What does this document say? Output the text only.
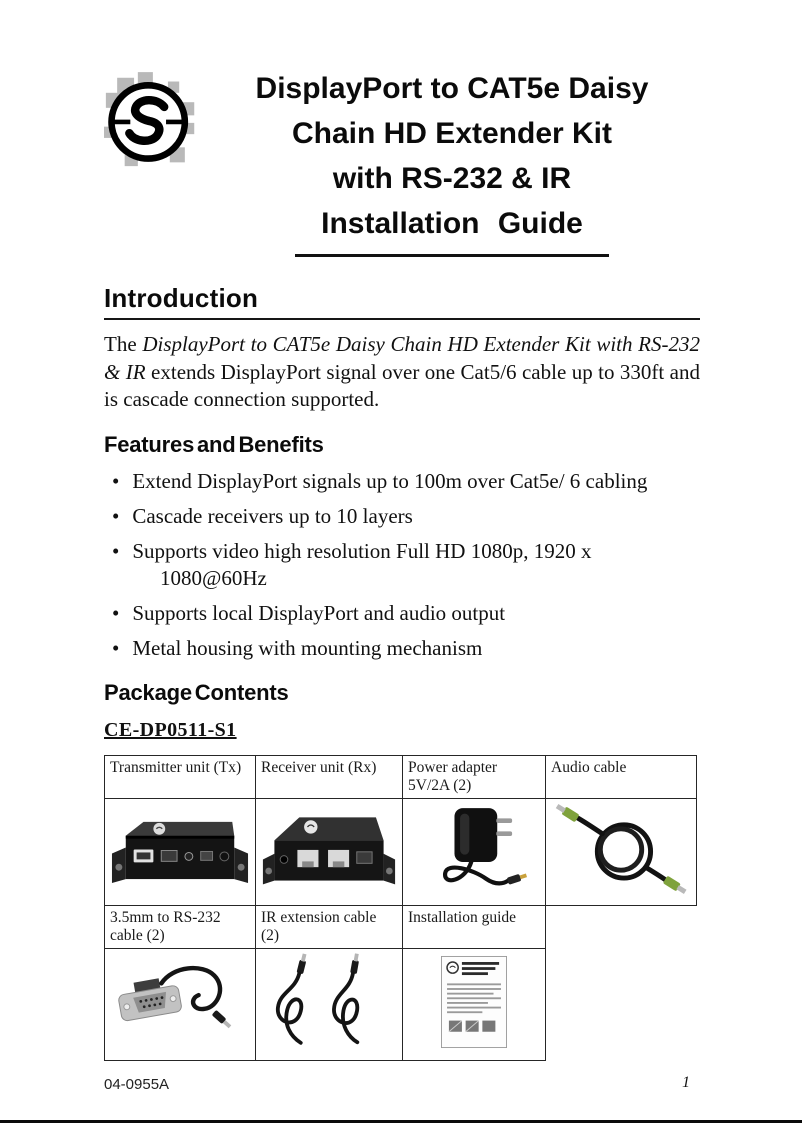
DisplayPort to CAT5e Daisy
Chain HD Extender Kit
with RS-232 & IR
Installation Guide
Introduction

The DisplayPort to CAT5e Daisy Chain HD Extender Kit with RS-232 & IR extends DisplayPort signal over one Cat5/6 cable up to 330ft and is cascade connection supported.

Features and Benefits
• Extend DisplayPort signals up to 100m over Cat5e/ 6 cabling
• Cascade receivers up to 10 layers
• Supports video high resolution Full HD 1080p, 1920 x 1080@60Hz
• Supports local DisplayPort and audio output
• Metal housing with mounting mechanism
Package Contents
CE-DP0511-S1
Transmitter unit (Tx)	Receiver unit (Rx)	Power adapter 5V/2A (2)	Audio cable

3.5mm to RS-232 cable (2)	IR extension cable (2)	Installation guide	

04-0955A	1
